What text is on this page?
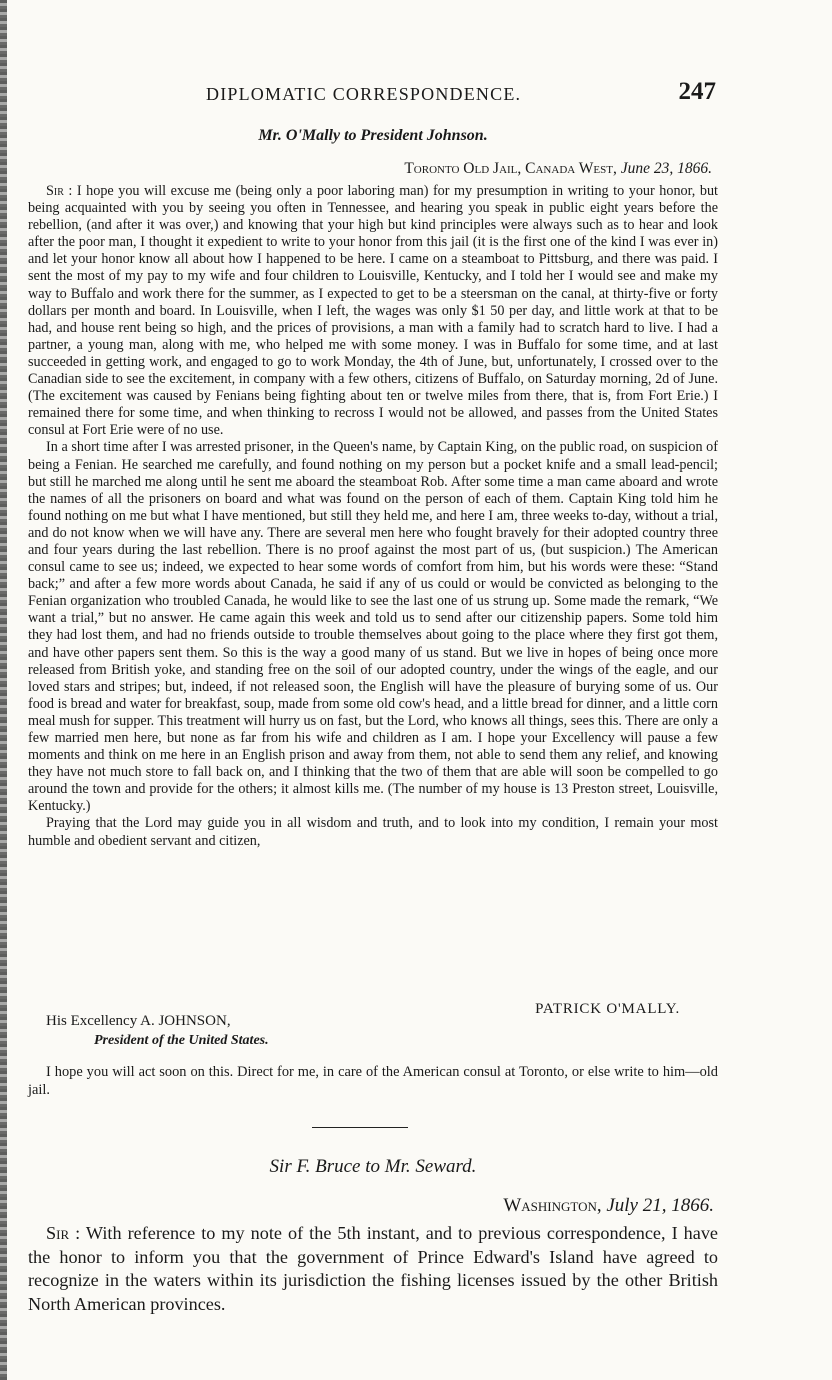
DIPLOMATIC CORRESPONDENCE.	247
Mr. O'Mally to President Johnson.
Toronto Old Jail, Canada West, June 23, 1866.

Sir : I hope you will excuse me (being only a poor laboring man) for my presumption in writing to your honor, but being acquainted with you by seeing you often in Tennessee, and hearing you speak in public eight years before the rebellion, (and after it was over,) and knowing that your high but kind principles were always such as to hear and look after the poor man, I thought it expedient to write to your honor from this jail (it is the first one of the kind I was ever in) and let your honor know all about how I happened to be here. I came on a steamboat to Pittsburg, and there was paid. I sent the most of my pay to my wife and four children to Louisville, Kentucky, and I told her I would see and make my way to Buffalo and work there for the summer, as I expected to get to be a steersman on the canal, at thirty-five or forty dollars per month and board. In Louisville, when I left, the wages was only $1 50 per day, and little work at that to be had, and house rent being so high, and the prices of provisions, a man with a family had to scratch hard to live. I had a partner, a young man, along with me, who helped me with some money. I was in Buffalo for some time, and at last succeeded in getting work, and engaged to go to work Monday, the 4th of June, but, unfortunately, I crossed over to the Canadian side to see the excitement, in company with a few others, citizens of Buffalo, on Saturday morning, 2d of June. (The excitement was caused by Fenians being fighting about ten or twelve miles from there, that is, from Fort Erie.) I remained there for some time, and when thinking to recross I would not be allowed, and passes from the United States consul at Fort Erie were of no use.

In a short time after I was arrested prisoner, in the Queen's name, by Captain King, on the public road, on suspicion of being a Fenian. He searched me carefully, and found nothing on my person but a pocket knife and a small lead-pencil; but still he marched me along until he sent me aboard the steamboat Rob. After some time a man came aboard and wrote the names of all the prisoners on board and what was found on the person of each of them. Captain King told him he found nothing on me but what I have mentioned, but still they held me, and here I am, three weeks to-day, without a trial, and do not know when we will have any. There are several men here who fought bravely for their adopted country three and four years during the last rebellion. There is no proof against the most part of us, (but suspicion.) The American consul came to see us; indeed, we expected to hear some words of comfort from him, but his words were these: “Stand back;” and after a few more words about Canada, he said if any of us could or would be convicted as belonging to the Fenian organization who troubled Canada, he would like to see the last one of us strung up. Some made the remark, “We want a trial,” but no answer. He came again this week and told us to send after our citizenship papers. Some told him they had lost them, and had no friends outside to trouble themselves about going to the place where they first got them, and have other papers sent them. So this is the way a good many of us stand. But we live in hopes of being once more released from British yoke, and standing free on the soil of our adopted country, under the wings of the eagle, and our loved stars and stripes; but, indeed, if not released soon, the English will have the pleasure of burying some of us. Our food is bread and water for breakfast, soup, made from some old cow's head, and a little bread for dinner, and a little corn meal mush for supper. This treatment will hurry us on fast, but the Lord, who knows all things, sees this. There are only a few married men here, but none as far from his wife and children as I am. I hope your Excellency will pause a few moments and think on me here in an English prison and away from them, not able to send them any relief, and knowing they have not much store to fall back on, and I thinking that the two of them that are able will soon be compelled to go around the town and provide for the others; it almost kills me. (The number of my house is 13 Preston street, Louisville, Kentucky.)

Praying that the Lord may guide you in all wisdom and truth, and to look into my condition, I remain your most humble and obedient servant and citizen,

PATRICK O'MALLY.
His Excellency A. JOHNSON,
President of the United States.
I hope you will act soon on this. Direct for me, in care of the American consul at Toronto, or else write to him—old jail.
Sir F. Bruce to Mr. Seward.
Washington, July 21, 1866.

Sir : With reference to my note of the 5th instant, and to previous correspondence, I have the honor to inform you that the government of Prince Edward's Island have agreed to recognize in the waters within its jurisdiction the fishing licenses issued by the other British North American provinces.
